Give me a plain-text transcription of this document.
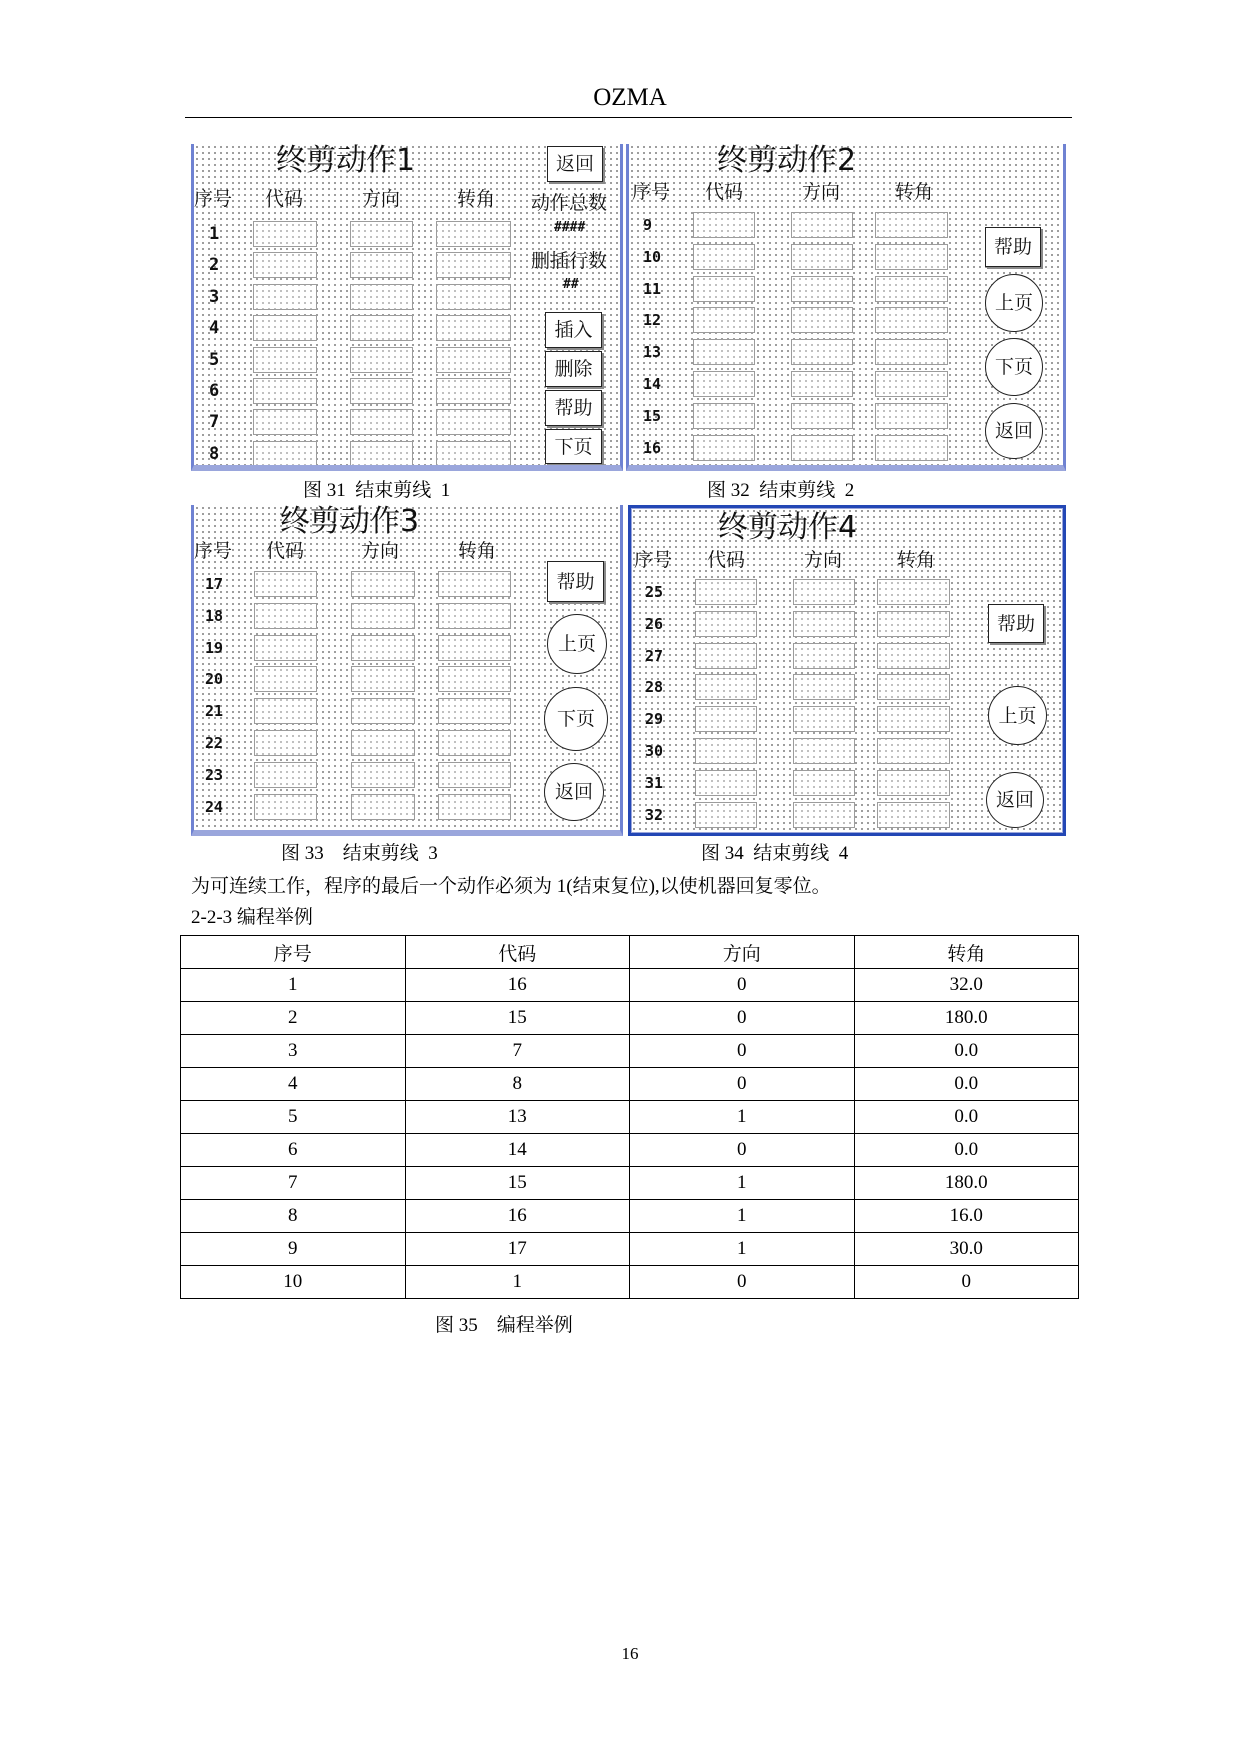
OZMA
终剪动作1	返回
序号 代码	方向	转角 动作总数
####
删插行数
##
插入
删除
帮助
下页
1
2
3
4
5
6
7
8
终剪动作2
序号 代码	方向	转角
帮助
上页
下页
返回
9
10
11
12
13
14
15
16
终剪动作3
序号 代码	方向	转角
帮助
上页
下页
返回
17
18
19
20
21
22
23
24
终剪动作4
序号 代码	方向	转角
帮助
上页
返回
25
26
27
28
29
30
31
32
图 31  结束剪线  1	图 32  结束剪线  2
图 33    结束剪线  3	图 34  结束剪线  4
为可连续工作，程序的最后一个动作必须为 1(结束复位),以使机器回复零位。
2-2-3 编程举例
序号	代码	方向	转角
1	16	0	32.0
2	15	0	180.0
3	7	0	0.0
4	8	0	0.0
5	13	1	0.0
6	14	0	0.0
7	15	1	180.0
8	16	1	16.0
9	17	1	30.0
10	1	0	0
图 35    编程举例
16
